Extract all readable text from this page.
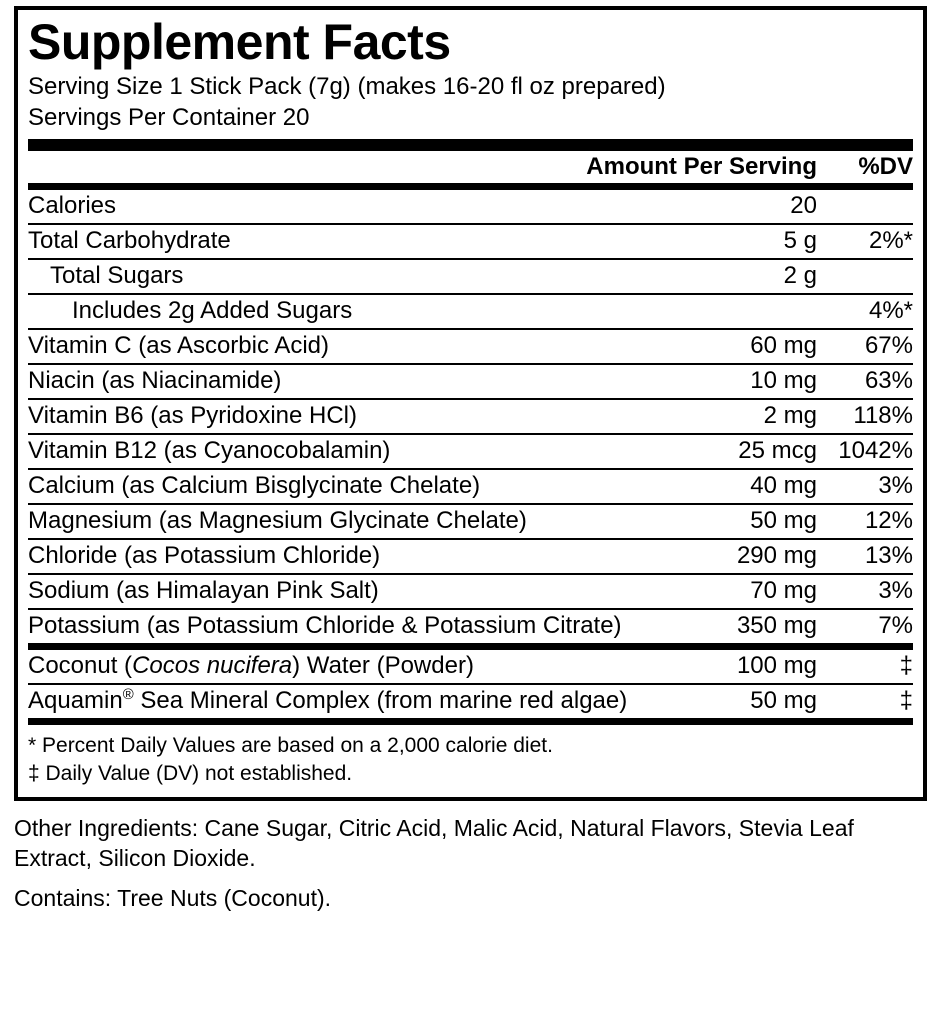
Supplement Facts
Serving Size 1 Stick Pack (7g) (makes 16-20 fl oz prepared)
Servings Per Container 20
	Amount Per Serving	%DV
Calories	20	
Total Carbohydrate	5 g	2%*
Total Sugars	2 g	
Includes 2g Added Sugars		4%*
Vitamin C (as Ascorbic Acid)	60 mg	67%
Niacin (as Niacinamide)	10 mg	63%
Vitamin B6 (as Pyridoxine HCl)	2 mg	118%
Vitamin B12 (as Cyanocobalamin)	25 mcg	1042%
Calcium (as Calcium Bisglycinate Chelate)	40 mg	3%
Magnesium (as Magnesium Glycinate Chelate)	50 mg	12%
Chloride (as Potassium Chloride)	290 mg	13%
Sodium (as Himalayan Pink Salt)	70 mg	3%
Potassium (as Potassium Chloride & Potassium Citrate)	350 mg	7%
Coconut (Cocos nucifera) Water (Powder)	100 mg	‡
Aquamin® Sea Mineral Complex (from marine red algae)	50 mg	‡
* Percent Daily Values are based on a 2,000 calorie diet.
‡ Daily Value (DV) not established.
Other Ingredients: Cane Sugar, Citric Acid, Malic Acid, Natural Flavors, Stevia Leaf Extract, Silicon Dioxide.
Contains: Tree Nuts (Coconut).
